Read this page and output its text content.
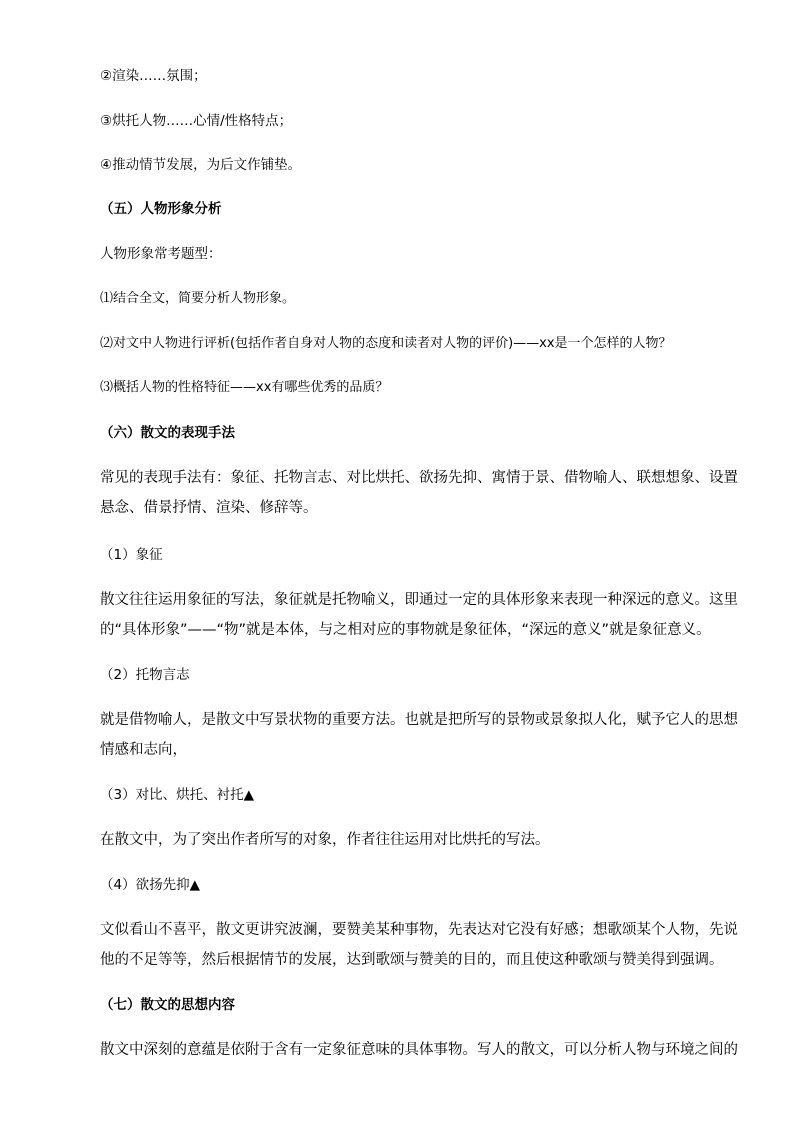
②渲染……氛围；
③烘托人物……心情/性格特点；
④推动情节发展，为后文作铺垫。
（五）人物形象分析
人物形象常考题型：
⑴结合全文，简要分析人物形象。
⑵对文中人物进行评析(包括作者自身对人物的态度和读者对人物的评价)——xx是一个怎样的人物？
⑶概括人物的性格特征——xx有哪些优秀的品质？
（六）散文的表现手法
常见的表现手法有：象征、托物言志、对比烘托、欲扬先抑、寓情于景、借物喻人、联想想象、设置
悬念、借景抒情、渲染、修辞等。
（1）象征
散文往往运用象征的写法，象征就是托物喻义，即通过一定的具体形象来表现一种深远的意义。这里
的“具体形象”——“物”就是本体，与之相对应的事物就是象征体，“深远的意义”就是象征意义。
（2）托物言志
就是借物喻人，是散文中写景状物的重要方法。也就是把所写的景物或景象拟人化，赋予它人的思想
情感和志向，
（3）对比、烘托、衬托▲
在散文中，为了突出作者所写的对象，作者往往运用对比烘托的写法。
（4）欲扬先抑▲
文似看山不喜平，散文更讲究波澜，要赞美某种事物，先表达对它没有好感；想歌颂某个人物，先说
他的不足等等，然后根据情节的发展，达到歌颂与赞美的目的，而且使这种歌颂与赞美得到强调。
（七）散文的思想内容
散文中深刻的意蕴是依附于含有一定象征意味的具体事物。写人的散文，可以分析人物与环境之间的
